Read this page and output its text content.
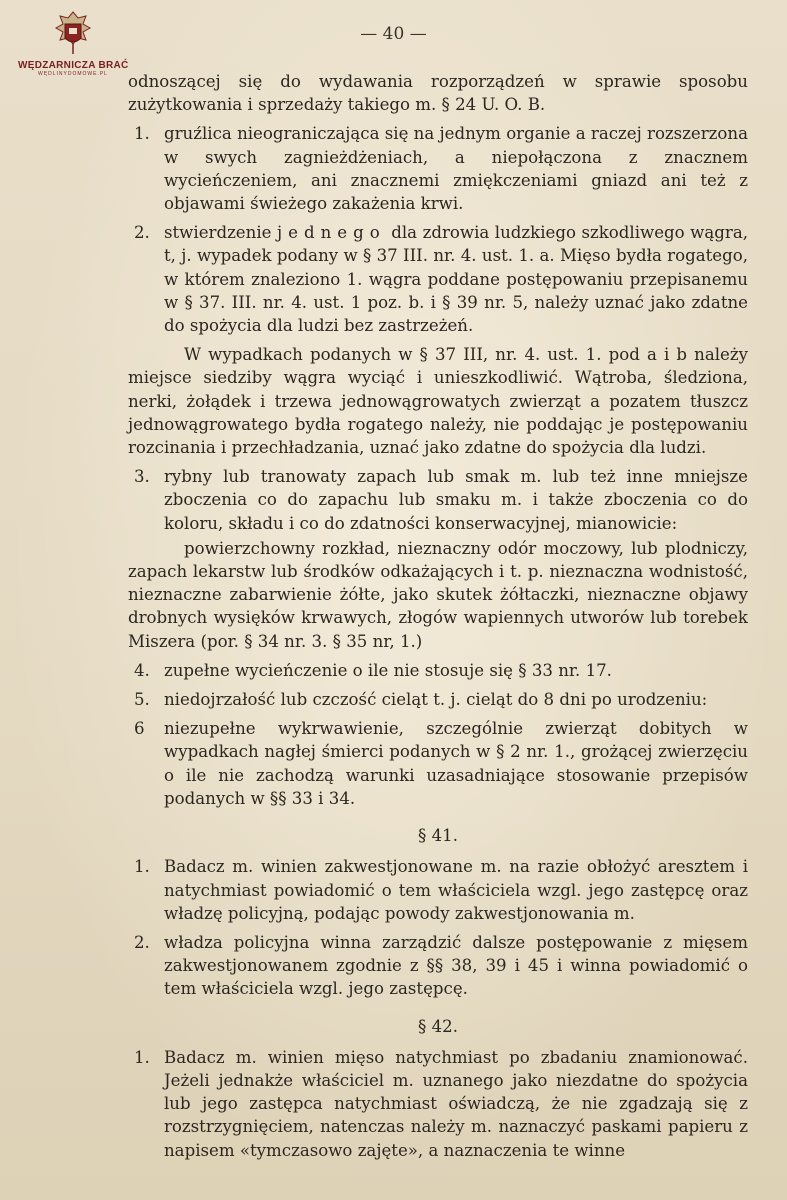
WĘDZARNICZA BRAĆ
WĘDLINYDOMOWE.PL
— 40 —

odnoszącej się do wydawania rozporządzeń w sprawie sposobu zużytkowania i sprzedaży takiego m. § 24 U. O. B.

1. gruźlica nieograniczająca się na jednym organie a raczej rozszerzona w swych zagnieżdżeniach, a niepołączona z znacznem wycieńczeniem, ani znacznemi zmiękczeniami gniazd ani też z objawami świeżego zakażenia krwi.
2. stwierdzenie jednego dla zdrowia ludzkiego szkodliwego wągra, t, j. wypadek podany w § 37 III. nr. 4. ust. 1. a. Mięso bydła rogatego, w którem znaleziono 1. wągra poddane postępowaniu przepisanemu w § 37. III. nr. 4. ust. 1 poz. b. i § 39 nr. 5, należy uznać jako zdatne do spożycia dla ludzi bez zastrzeżeń.

W wypadkach podanych w § 37 III, nr. 4. ust. 1. pod a i b należy miejsce siedziby wągra wyciąć i unieszkodliwić. Wątroba, śledziona, nerki, żołądek i trzewa jednowągrowatych zwierząt a pozatem tłuszcz jednowągrowatego bydła rogatego należy, nie poddając je postępowaniu rozcinania i przechładzania, uznać jako zdatne do spożycia dla ludzi.

3. rybny lub tranowaty zapach lub smak m. lub też inne mniejsze zboczenia co do zapachu lub smaku m. i także zboczenia co do koloru, składu i co do zdatności konserwacyjnej, mianowicie:

powierzchowny rozkład, nieznaczny odór moczowy, lub plodniczy, zapach lekarstw lub środków odkażających i t. p. nieznaczna wodnistość, nieznaczne zabarwienie żółte, jako skutek żółtaczki, nieznaczne objawy drobnych wysięków krwawych, złogów wapiennych utworów lub torebek Miszera (por. § 34 nr. 3. § 35 nr, 1.)

4. zupełne wycieńczenie o ile nie stosuje się § 33 nr. 17.
5. niedojrzałość lub czczość cieląt t. j. cieląt do 8 dni po urodzeniu:
6	niezupełne wykrwawienie, szczególnie zwierząt dobitych w wypadkach nagłej śmierci podanych w § 2 nr. 1., grożącej zwierzęciu o ile nie zachodzą warunki uzasadniające stosowanie przepisów podanych w §§ 33 i 34.

§ 41.

1. Badacz m. winien zakwestjonowane m. na razie obłożyć aresztem i natychmiast powiadomić o tem właściciela wzgl. jego zastępcę oraz władzę policyjną, podając powody zakwestjonowania m.
2. władza policyjna winna zarządzić dalsze postępowanie z mięsem zakwestjonowanem zgodnie z §§ 38, 39 i 45 i winna powiadomić o tem właściciela wzgl. jego zastępcę.

§ 42.

1. Badacz m. winien mięso natychmiast po zbadaniu znamionować. Jeżeli jednakże właściciel m. uznanego jako niezdatne do spożycia lub jego zastępca natychmiast oświadczą, że nie zgadzają się z rozstrzygnięciem, natenczas należy m. naznaczyć paskami papieru z napisem «tymczasowo zajęte», a naznaczenia te winne
